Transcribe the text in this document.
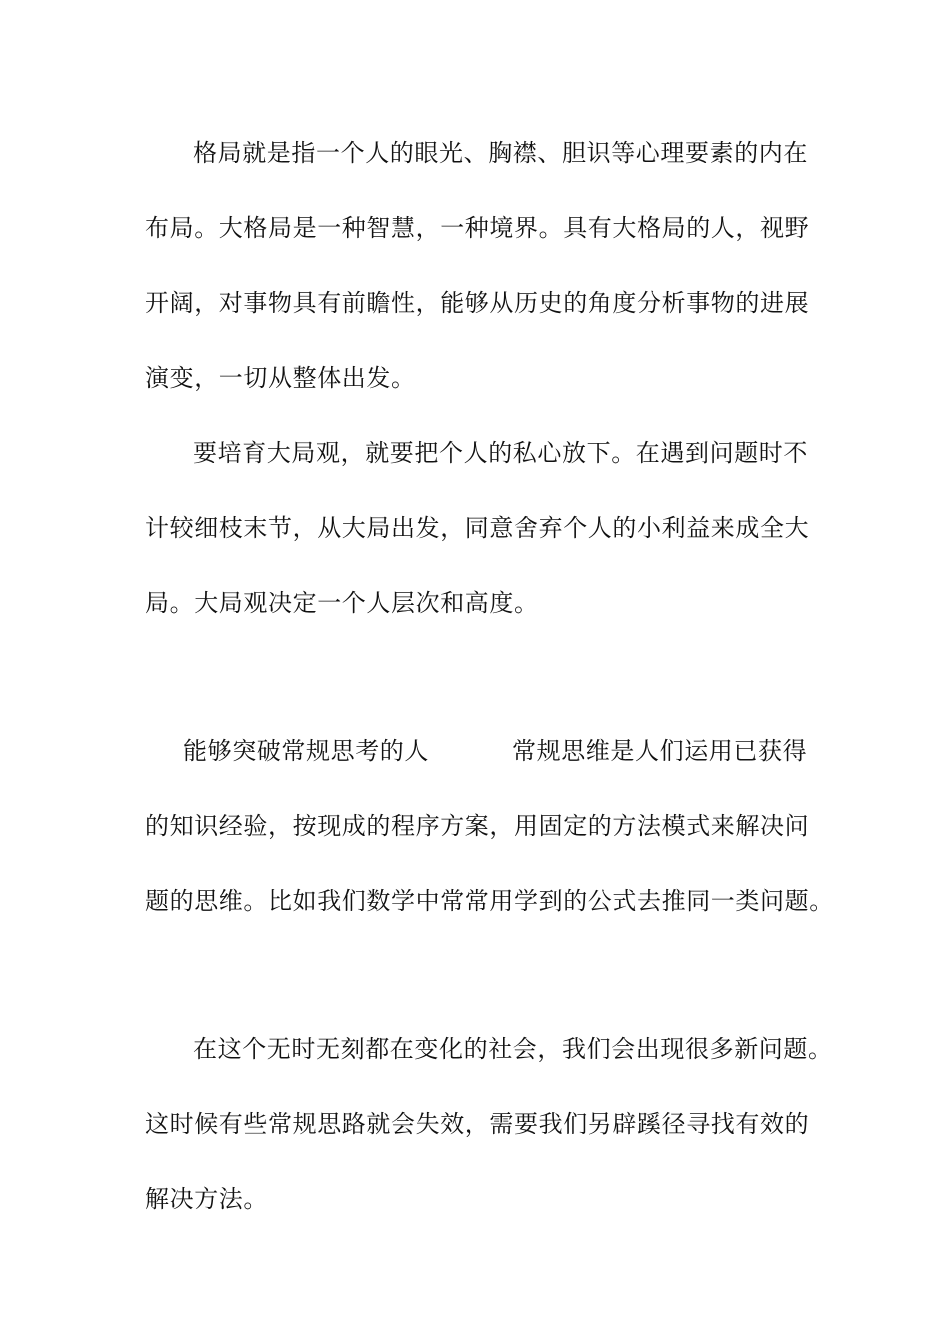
格局就是指一个人的眼光、胸襟、胆识等心理要素的内在
布局。大格局是一种智慧，一种境界。具有大格局的人，视野
开阔，对事物具有前瞻性，能够从历史的角度分析事物的进展
演变，一切从整体出发。
要培育大局观，就要把个人的私心放下。在遇到问题时不
计较细枝末节，从大局出发，同意舍弃个人的小利益来成全大
局。大局观决定一个人层次和高度。
能够突破常规思考的人	常规思维是人们运用已获得
的知识经验，按现成的程序方案，用固定的方法模式来解决问
题的思维。比如我们数学中常常用学到的公式去推同一类问题。
在这个无时无刻都在变化的社会，我们会出现很多新问题。
这时候有些常规思路就会失效，需要我们另辟蹊径寻找有效的
解决方法。
